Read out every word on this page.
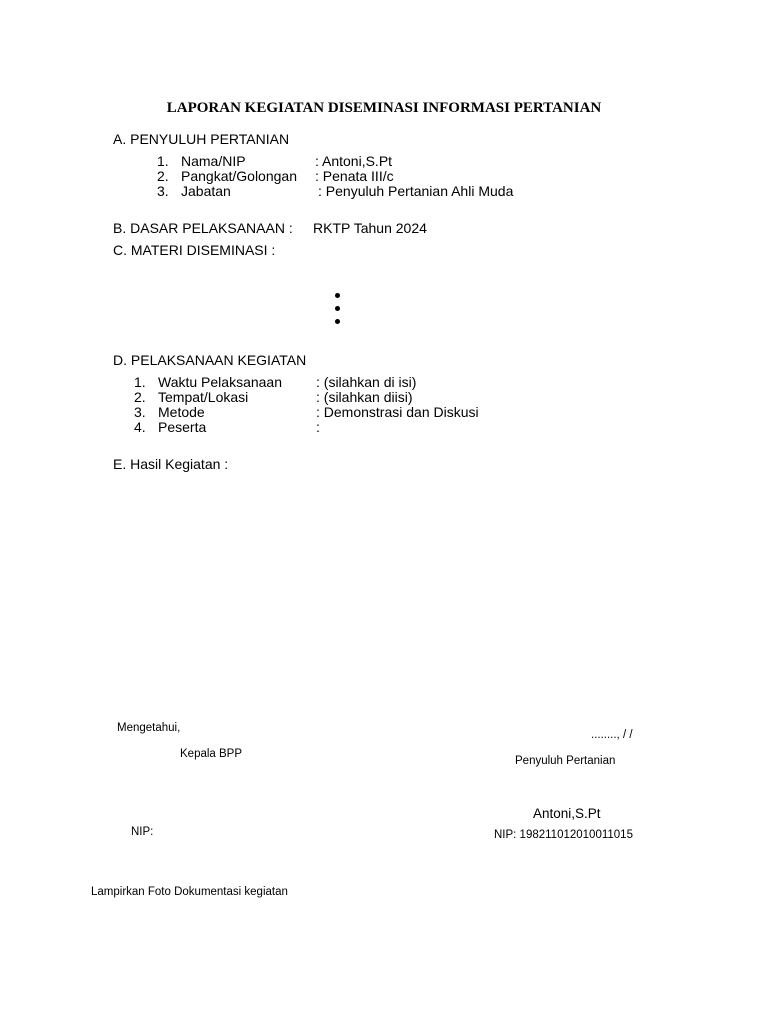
LAPORAN KEGIATAN DISEMINASI INFORMASI PERTANIAN
A. PENYULUH PERTANIAN
1. Nama/NIP	: Antoni,S.Pt
2. Pangkat/Golongan : Penata III/c
3. Jabatan	: Penyuluh Pertanian Ahli Muda
B. DASAR PELAKSANAAN : RKTP Tahun 2024
C. MATERI DISEMINASI :
D. PELAKSANAAN KEGIATAN
1. Waktu Pelaksanaan : (silahkan di isi)
2. Tempat/Lokasi	: (silahkan diisi)
3. Metode	: Demonstrasi dan Diskusi
4. Peserta	:
E. Hasil Kegiatan :
Mengetahui,
Kepala BPP
NIP:
........, / /
Penyuluh Pertanian
Antoni,S.Pt
NIP: 198211012010011015
Lampirkan Foto Dokumentasi kegiatan
